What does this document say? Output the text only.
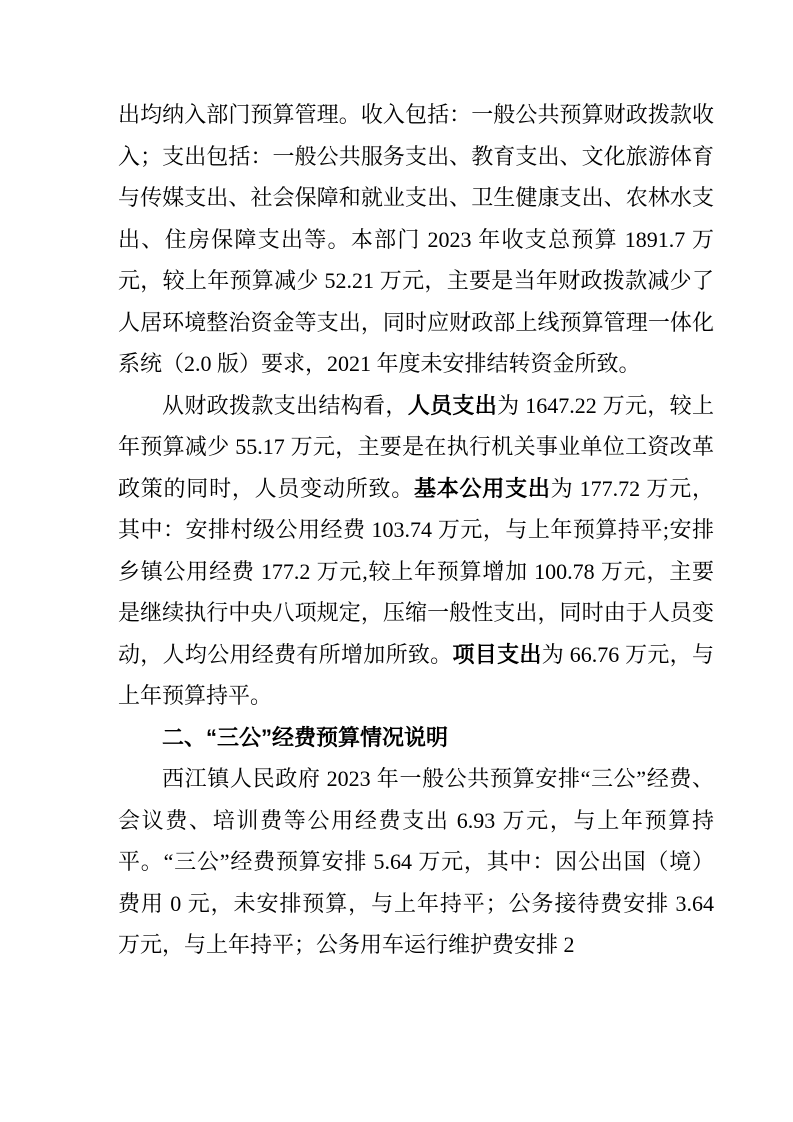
出均纳入部门预算管理。收入包括：一般公共预算财政拨款收入；支出包括：一般公共服务支出、教育支出、文化旅游体育与传媒支出、社会保障和就业支出、卫生健康支出、农林水支出、住房保障支出等。本部门 2023 年收支总预算 1891.7 万元，较上年预算减少 52.21 万元，主要是当年财政拨款减少了人居环境整治资金等支出，同时应财政部上线预算管理一体化系统（2.0 版）要求，2021 年度未安排结转资金所致。

从财政拨款支出结构看，人员支出为 1647.22 万元，较上年预算减少 55.17 万元，主要是在执行机关事业单位工资改革政策的同时，人员变动所致。基本公用支出为 177.72 万元，其中：安排村级公用经费 103.74 万元，与上年预算持平;安排乡镇公用经费 177.2 万元,较上年预算增加 100.78 万元，主要是继续执行中央八项规定，压缩一般性支出，同时由于人员变动，人均公用经费有所增加所致。项目支出为 66.76 万元，与上年预算持平。

二、“三公”经费预算情况说明

西江镇人民政府 2023 年一般公共预算安排“三公”经费、会议费、培训费等公用经费支出 6.93 万元，与上年预算持平。“三公”经费预算安排 5.64 万元，其中：因公出国（境）费用 0 元，未安排预算，与上年持平；公务接待费安排 3.64 万元，与上年持平；公务用车运行维护费安排 2
